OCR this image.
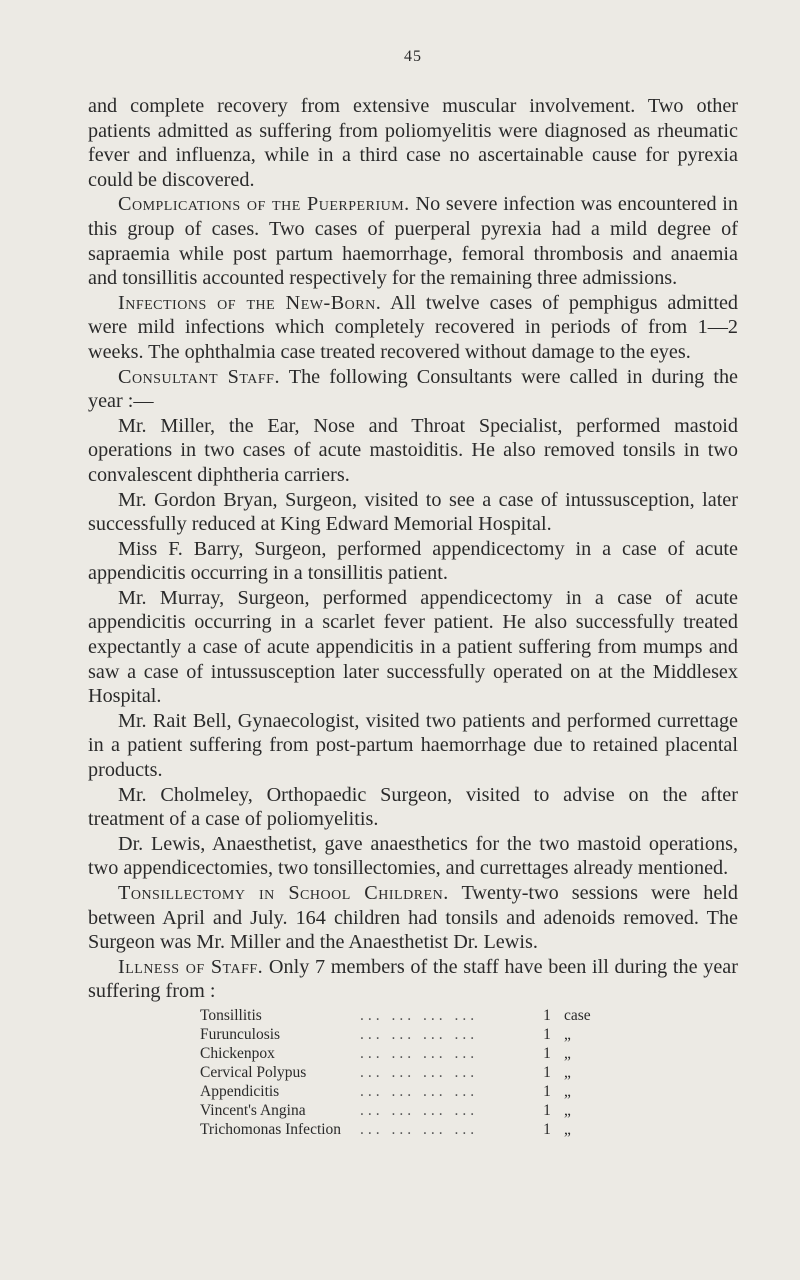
45

and complete recovery from extensive muscular involvement. Two other patients admitted as suffering from poliomyelitis were diagnosed as rheumatic fever and influenza, while in a third case no ascertainable cause for pyrexia could be discovered.

Complications of the Puerperium. No severe infection was encountered in this group of cases. Two cases of puerperal pyrexia had a mild degree of sapraemia while post partum haemorrhage, femoral thrombosis and anaemia and tonsillitis accounted respectively for the remaining three admissions.

Infections of the New-Born. All twelve cases of pemphigus admitted were mild infections which completely recovered in periods of from 1—2 weeks. The ophthalmia case treated recovered without damage to the eyes.

Consultant Staff. The following Consultants were called in during the year :—

Mr. Miller, the Ear, Nose and Throat Specialist, performed mastoid operations in two cases of acute mastoiditis. He also removed tonsils in two convalescent diphtheria carriers.

Mr. Gordon Bryan, Surgeon, visited to see a case of intussusception, later successfully reduced at King Edward Memorial Hospital.

Miss F. Barry, Surgeon, performed appendicectomy in a case of acute appendicitis occurring in a tonsillitis patient.

Mr. Murray, Surgeon, performed appendicectomy in a case of acute appendicitis occurring in a scarlet fever patient. He also successfully treated expectantly a case of acute appendicitis in a patient suffering from mumps and saw a case of intussusception later successfully operated on at the Middlesex Hospital.

Mr. Rait Bell, Gynaecologist, visited two patients and performed currettage in a patient suffering from post-partum haemorrhage due to retained placental products.

Mr. Cholmeley, Orthopaedic Surgeon, visited to advise on the after treatment of a case of poliomyelitis.

Dr. Lewis, Anaesthetist, gave anaesthetics for the two mastoid operations, two appendicectomies, two tonsillectomies, and currettages already mentioned.

Tonsillectomy in School Children. Twenty-two sessions were held between April and July. 164 children had tonsils and adenoids removed. The Surgeon was Mr. Miller and the Anaesthetist Dr. Lewis.

Illness of Staff. Only 7 members of the staff have been ill during the year suffering from :

Tonsillitis	... ... ... ...	1	case
Furunculosis	... ... ... ...	1	„
Chickenpox	... ... ... ...	1	„
Cervical Polypus	... ... ... ...	1	„
Appendicitis	... ... ... ...	1	„
Vincent's Angina	... ... ... ...	1	„
Trichomonas Infection	... ... ... ...	1	„
